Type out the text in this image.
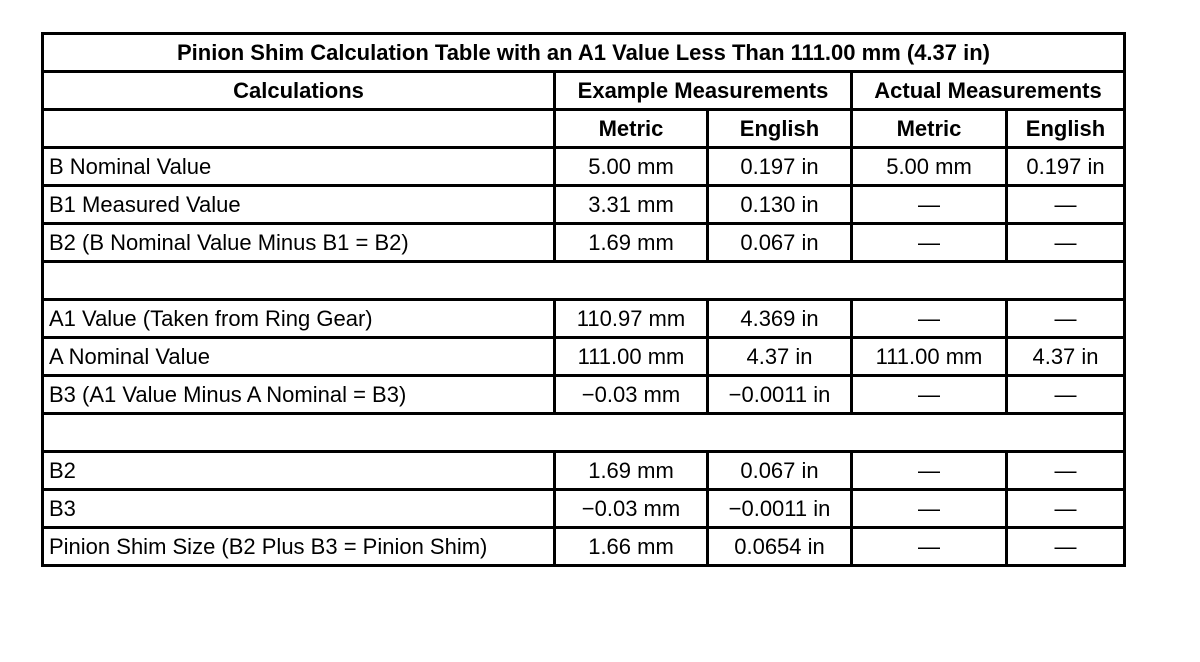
Pinion Shim Calculation Table with an A1 Value Less Than 111.00 mm (4.37 in)				
Calculations	Example Measurements		Actual Measurements	
	Metric	English	Metric	English
B Nominal Value	5.00 mm	0.197 in	5.00 mm	0.197 in
B1 Measured Value	3.31 mm	0.130 in	—	—
B2 (B Nominal Value Minus B1 = B2)	1.69 mm	0.067 in	—	—

A1 Value (Taken from Ring Gear)	110.97 mm	4.369 in	—	—
A Nominal Value	111.00 mm	4.37 in	111.00 mm	4.37 in
B3 (A1 Value Minus A Nominal = B3)	−0.03 mm	−0.0011 in	—	—

B2	1.69 mm	0.067 in	—	—
B3	−0.03 mm	−0.0011 in	—	—
Pinion Shim Size (B2 Plus B3 = Pinion Shim)	1.66 mm	0.0654 in	—	—
